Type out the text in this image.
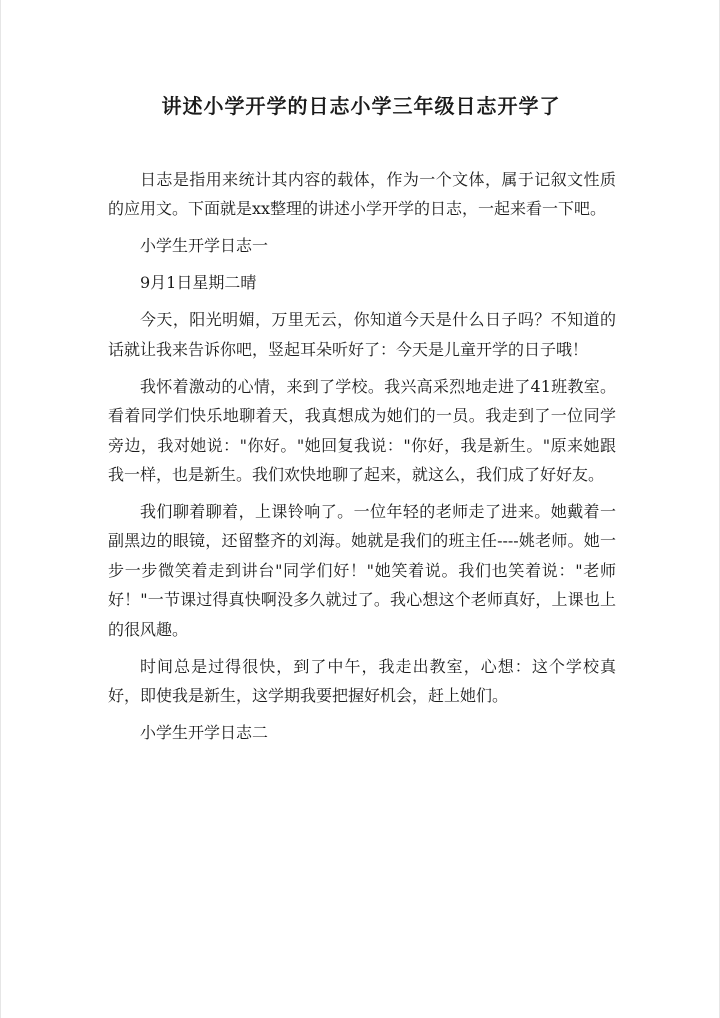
讲述小学开学的日志小学三年级日志开学了

日志是指用来统计其内容的载体，作为一个文体，属于记叙文性质的应用文。下面就是xx整理的讲述小学开学的日志，一起来看一下吧。

小学生开学日志一

9月1日星期二晴

今天，阳光明媚，万里无云，你知道今天是什么日子吗？不知道的话就让我来告诉你吧，竖起耳朵听好了：今天是儿童开学的日子哦！

我怀着激动的心情，来到了学校。我兴高采烈地走进了41班教室。看着同学们快乐地聊着天，我真想成为她们的一员。我走到了一位同学旁边，我对她说："你好。"她回复我说："你好，我是新生。"原来她跟我一样，也是新生。我们欢快地聊了起来，就这么，我们成了好好友。

我们聊着聊着，上课铃响了。一位年轻的老师走了进来。她戴着一副黑边的眼镜，还留整齐的刘海。她就是我们的班主任----姚老师。她一步一步微笑着走到讲台"同学们好！"她笑着说。我们也笑着说："老师好！"一节课过得真快啊没多久就过了。我心想这个老师真好，上课也上的很风趣。

时间总是过得很快，到了中午，我走出教室，心想：这个学校真好，即使我是新生，这学期我要把握好机会，赶上她们。

小学生开学日志二
